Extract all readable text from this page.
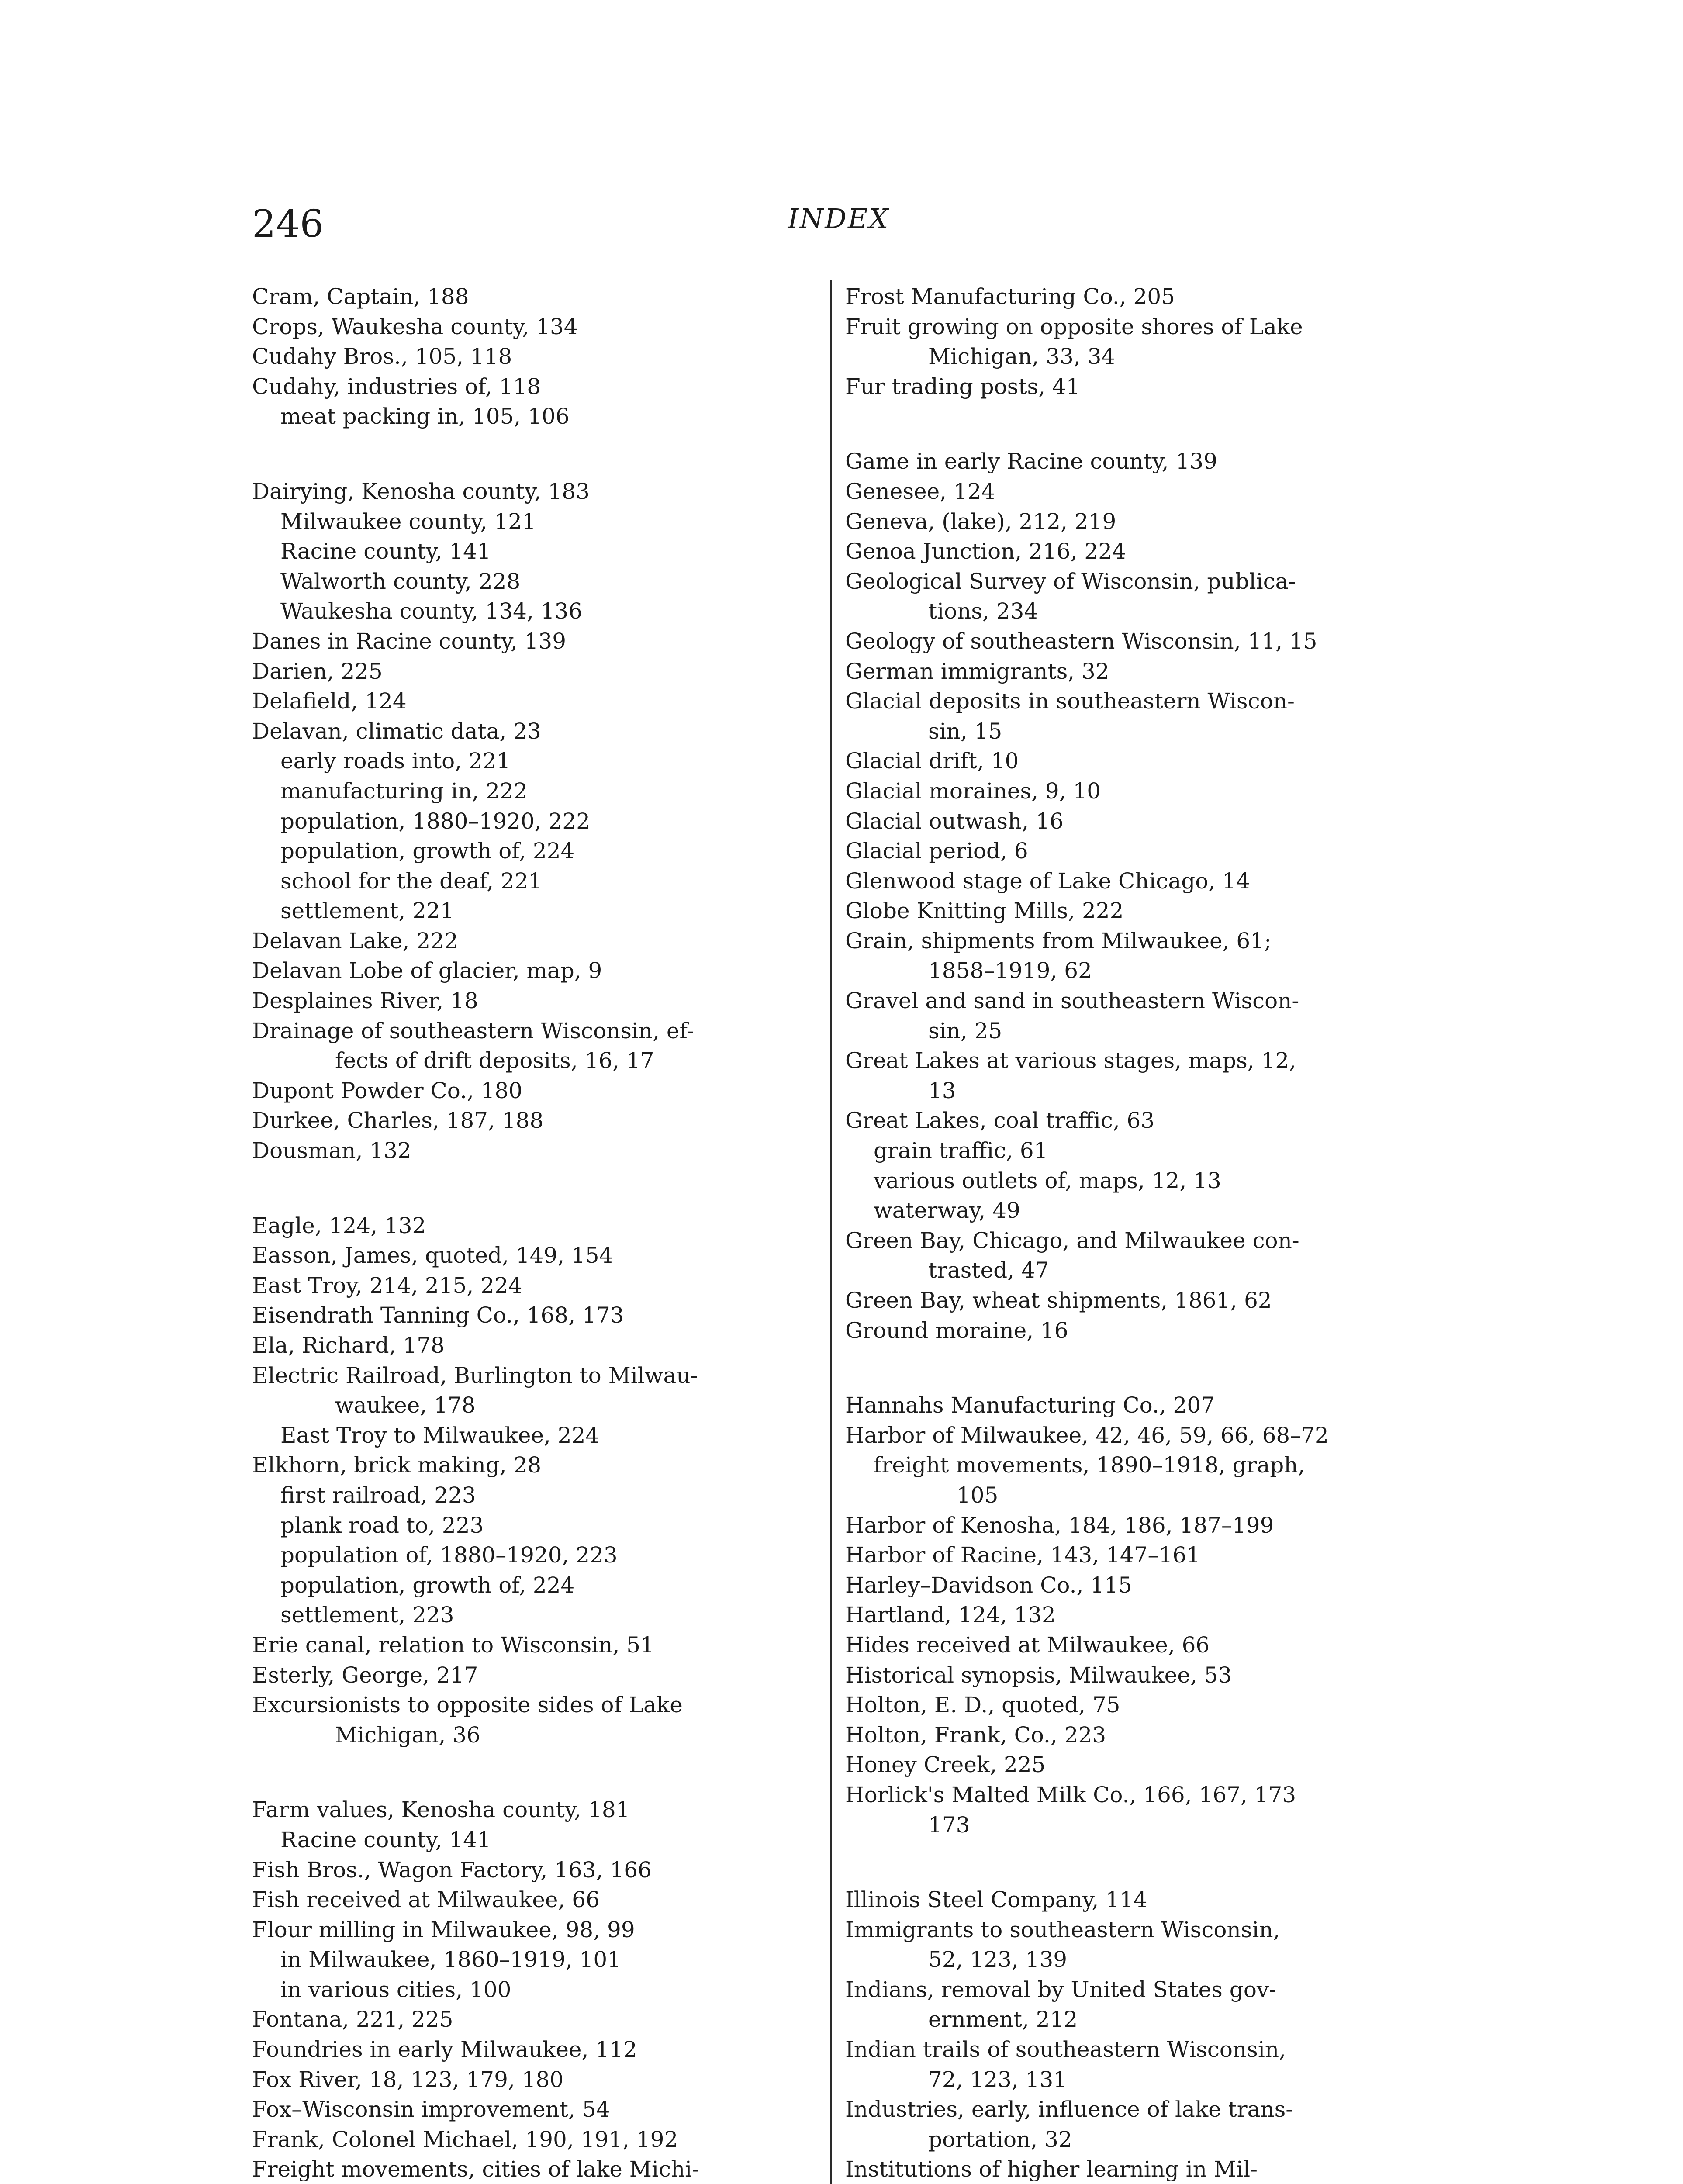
246	INDEX
Cram, Captain, 188
Crops, Waukesha county, 134
Cudahy Bros., 105, 118
Cudahy, industries of, 118
meat packing in, 105, 106
Dairying, Kenosha county, 183
Milwaukee county, 121
Racine county, 141
Walworth county, 228
Waukesha county, 134, 136
Danes in Racine county, 139
Darien, 225
Delafield, 124
Delavan, climatic data, 23
early roads into, 221
manufacturing in, 222
population, 1880–1920, 222
population, growth of, 224
school for the deaf, 221
settlement, 221
Delavan Lake, 222
Delavan Lobe of glacier, map, 9
Desplaines River, 18
Drainage of southeastern Wisconsin, ef-
fects of drift deposits, 16, 17
Dupont Powder Co., 180
Durkee, Charles, 187, 188
Dousman, 132
Eagle, 124, 132
Easson, James, quoted, 149, 154
East Troy, 214, 215, 224
Eisendrath Tanning Co., 168, 173
Ela, Richard, 178
Electric Railroad, Burlington to Milwau-
waukee, 178
East Troy to Milwaukee, 224
Elkhorn, brick making, 28
first railroad, 223
plank road to, 223
population of, 1880–1920, 223
population, growth of, 224
settlement, 223
Erie canal, relation to Wisconsin, 51
Esterly, George, 217
Excursionists to opposite sides of Lake
Michigan, 36
Farm values, Kenosha county, 181
Racine county, 141
Fish Bros., Wagon Factory, 163, 166
Fish received at Milwaukee, 66
Flour milling in Milwaukee, 98, 99
in Milwaukee, 1860–1919, 101
in various cities, 100
Fontana, 221, 225
Foundries in early Milwaukee, 112
Fox River, 18, 123, 179, 180
Fox–Wisconsin improvement, 54
Frank, Colonel Michael, 190, 191, 192
Freight movements, cities of lake Michi-
Frost Manufacturing Co., 205
Fruit growing on opposite shores of Lake
Michigan, 33, 34
Fur trading posts, 41
Game in early Racine county, 139
Genesee, 124
Geneva, (lake), 212, 219
Genoa Junction, 216, 224
Geological Survey of Wisconsin, publica-
tions, 234
Geology of southeastern Wisconsin, 11, 15
German immigrants, 32
Glacial deposits in southeastern Wiscon-
sin, 15
Glacial drift, 10
Glacial moraines, 9, 10
Glacial outwash, 16
Glacial period, 6
Glenwood stage of Lake Chicago, 14
Globe Knitting Mills, 222
Grain, shipments from Milwaukee, 61;
1858–1919, 62
Gravel and sand in southeastern Wiscon-
sin, 25
Great Lakes at various stages, maps, 12,
13
Great Lakes, coal traffic, 63
grain traffic, 61
various outlets of, maps, 12, 13
waterway, 49
Green Bay, Chicago, and Milwaukee con-
trasted, 47
Green Bay, wheat shipments, 1861, 62
Ground moraine, 16
Hannahs Manufacturing Co., 207
Harbor of Milwaukee, 42, 46, 59, 66, 68–72
freight movements, 1890–1918, graph,
105
Harbor of Kenosha, 184, 186, 187–199
Harbor of Racine, 143, 147–161
Harley–Davidson Co., 115
Hartland, 124, 132
Hides received at Milwaukee, 66
Historical synopsis, Milwaukee, 53
Holton, E. D., quoted, 75
Holton, Frank, Co., 223
Honey Creek, 225
Horlick's Malted Milk Co., 166, 167, 173
173
Illinois Steel Company, 114
Immigrants to southeastern Wisconsin,
52, 123, 139
Indians, removal by United States gov-
ernment, 212
Indian trails of southeastern Wisconsin,
72, 123, 131
Industries, early, influence of lake trans-
portation, 32
Institutions of higher learning in Mil-
